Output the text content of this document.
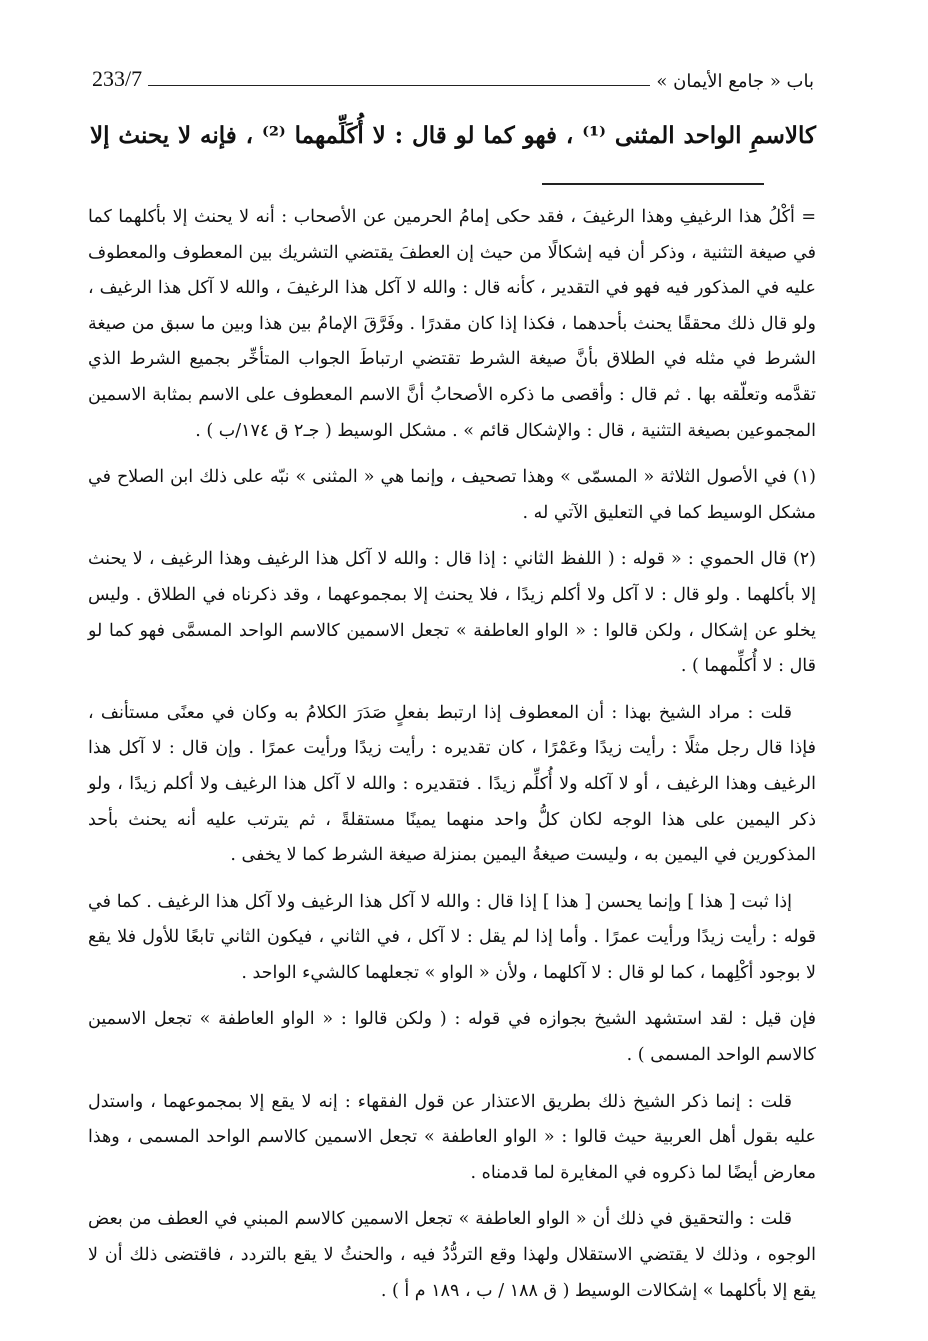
باب « جامع الأيمان »
233/7
كالاسمِ الواحد المثنى ⁽¹⁾ ، فهو كما لو قال : لا أُكَلِّمهما ⁽²⁾ ، فإنه لا يحنث إلا

= أكْلُ هذا الرغيفِ وهذا الرغيفَ ، فقد حكى إمامُ الحرمين عن الأصحاب : أنه لا يحنث إلا بأكلهما كما في صيغة التثنية ، وذكر أن فيه إشكالًا من حيث إن العطفَ يقتضي التشريك بين المعطوف والمعطوف عليه في المذكور فيه فهو في التقدير ، كأنه قال : والله لا آكل هذا الرغيفَ ، والله لا آكل هذا الرغيف ، ولو قال ذلك محققًا يحنث بأحدهما ، فكذا إذا كان مقدرًا . وفَرَّقَ الإمامُ بين هذا وبين ما سبق من صيغة الشرط في مثله في الطلاق بأنَّ صيغة الشرط تقتضي ارتباطَ الجواب المتأخِّر بجميع الشرط الذي تقدَّمه وتعلّقه بها . ثم قال : وأقصى ما ذكره الأصحابُ أنَّ الاسم المعطوف على الاسم بمثابة الاسمين المجموعين بصيغة التثنية ، قال : والإشكال قائم » . مشكل الوسيط ( جـ٢ ق ١٧٤/ب ) .

(١) في الأصول الثلاثة « المسمّى » وهذا تصحيف ، وإنما هي « المثنى » نبّه على ذلك ابن الصلاح في مشكل الوسيط كما في التعليق الآتي له .

(٢) قال الحموي : « قوله : ( اللفظ الثاني : إذا قال : والله لا آكل هذا الرغيف وهذا الرغيف ، لا يحنث إلا بأكلهما . ولو قال : لا آكل ولا أكلم زيدًا ، فلا يحنث إلا بمجموعهما ، وقد ذكرناه في الطلاق . وليس يخلو عن إشكال ، ولكن قالوا : « الواو العاطفة » تجعل الاسمين كالاسم الواحد المسمَّى فهو كما لو قال : لا أُكلِّمهما ) .

قلت : مراد الشيخ بهذا : أن المعطوف إذا ارتبط بفعلٍ صَدَرَ الكلامُ به وكان في معنًى مستأنف ، فإذا قال رجل مثلًا : رأيت زيدًا وعَمْرًا ، كان تقديره : رأيت زيدًا ورأيت عمرًا . وإن قال : لا آكل هذا الرغيف وهذا الرغيف ، أو لا آكله ولا أُكلِّم زيدًا . فتقديره : والله لا آكل هذا الرغيف ولا أكلم زيدًا ، ولو ذكر اليمين على هذا الوجه لكان كلُّ واحد منهما يمينًا مستقلةً ، ثم يترتب عليه أنه يحنث بأحد المذكورين في اليمين به ، وليست صيغةُ اليمين بمنزلة صيغة الشرط كما لا يخفى .

إذا ثبت [ هذا ] وإنما يحسن [ هذا ] إذا قال : والله لا آكل هذا الرغيف ولا آكل هذا الرغيف . كما في قوله : رأيت زيدًا ورأيت عمرًا . وأما إذا لم يقل : لا آكل ، في الثاني ، فيكون الثاني تابعًا للأول فلا يقع لا بوجود أكْلِهما ، كما لو قال : لا آكلهما ، ولأن « الواو » تجعلهما كالشيء الواحد .

فإن قيل : لقد استشهد الشيخ بجوازه في قوله : ( ولكن قالوا : « الواو العاطفة » تجعل الاسمين كالاسم الواحد المسمى ) .

قلت : إنما ذكر الشيخ ذلك بطريق الاعتذار عن قول الفقهاء : إنه لا يقع إلا بمجموعهما ، واستدل عليه بقول أهل العربية حيث قالوا : « الواو العاطفة » تجعل الاسمين كالاسم الواحد المسمى ، وهذا معارض أيضًا لما ذكروه في المغايرة لما قدمناه .

قلت : والتحقيق في ذلك أن « الواو العاطفة » تجعل الاسمين كالاسم المبني في العطف من بعض الوجوه ، وذلك لا يقتضي الاستقلال ولهذا وقع التردُّدُ فيه ، والحنثُ لا يقع بالتردد ، فاقتضى ذلك أن لا يقع إلا بأكلهما » إشكالات الوسيط ( ق ١٨٨ / ب ، ١٨٩ م أ ) .
